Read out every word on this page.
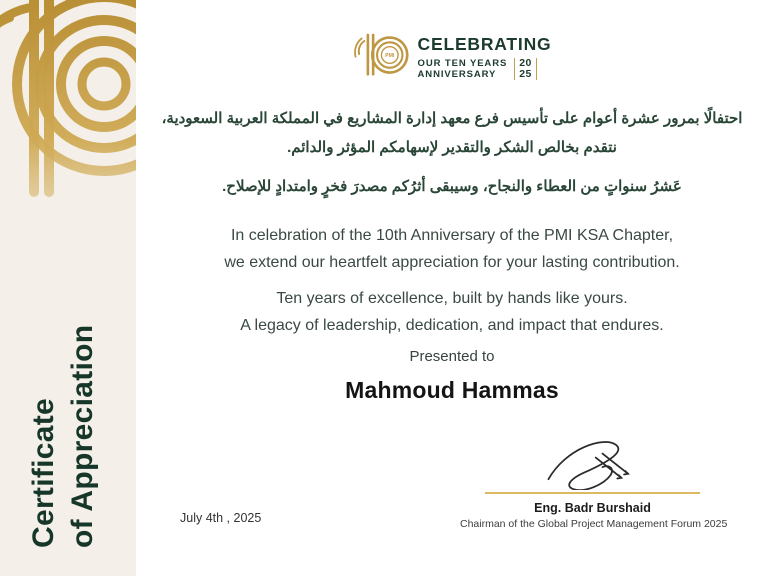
Certificate of Appreciation
PMI
CELEBRATING
OUR TEN YEARS
ANNIVERSARY
20
25

احتفالًا بمرور عشرة أعوام على تأسيس فرع معهد إدارة المشاريع في المملكة العربية السعودية،

نتقدم بخالص الشكر والتقدير لإسهامكم المؤثر والدائم.

عَشرُ سنواتٍ من العطاء والنجاح، وسيبقى أثرُكم مصدرَ فخرٍ وامتدادٍ للإصلاح.

In celebration of the 10th Anniversary of the PMI KSA Chapter,

we extend our heartfelt appreciation for your lasting contribution.

Ten years of excellence, built by hands like yours.

A legacy of leadership, dedication, and impact that endures.

Presented to
Mahmoud Hammas
Eng. Badr Burshaid
Chairman of the Global Project Management Forum 2025
July 4th , 2025
